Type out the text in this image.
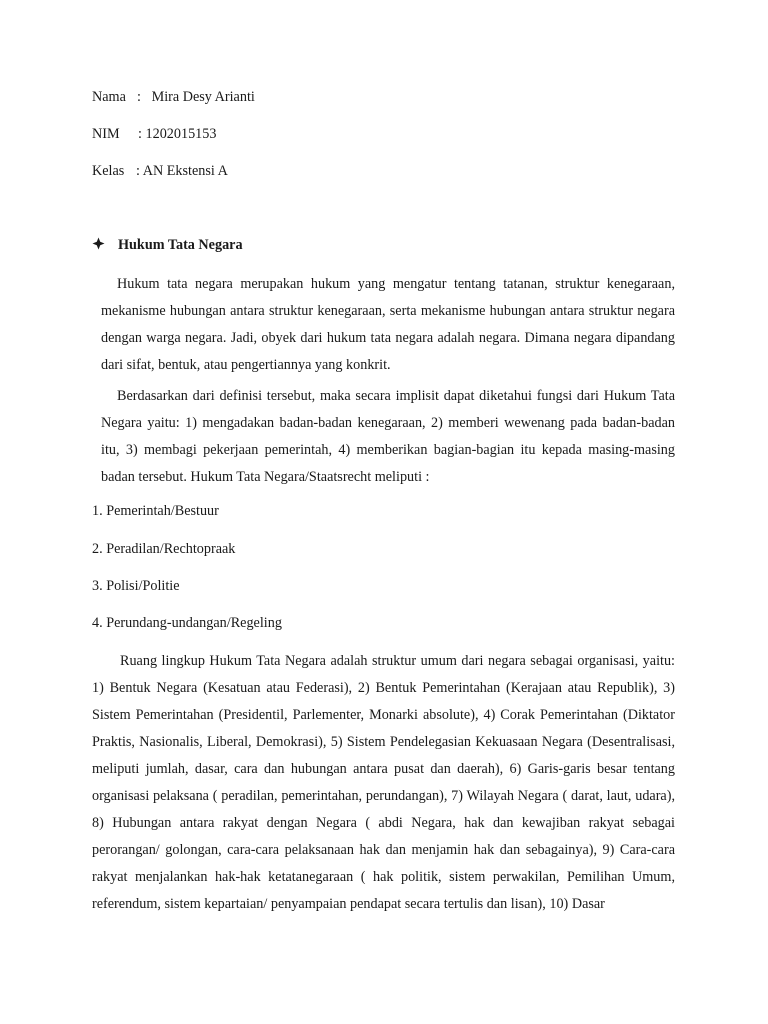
Nama : Mira Desy Arianti
NIM : 1202015153
Kelas : AN Ekstensi A
Hukum Tata Negara

Hukum tata negara merupakan hukum yang mengatur tentang tatanan, struktur kenegaraan, mekanisme hubungan antara struktur kenegaraan, serta mekanisme hubungan antara struktur negara dengan warga negara. Jadi, obyek dari hukum tata negara adalah negara. Dimana negara dipandang dari sifat, bentuk, atau pengertiannya yang konkrit.

Berdasarkan dari definisi tersebut, maka secara implisit dapat diketahui fungsi dari Hukum Tata Negara yaitu: 1) mengadakan badan-badan kenegaraan, 2) memberi wewenang pada badan-badan itu, 3) membagi pekerjaan pemerintah, 4) memberikan bagian-bagian itu kepada masing-masing badan tersebut. Hukum Tata Negara/Staatsrecht meliputi :

1. Pemerintah/Bestuur
2. Peradilan/Rechtopraak
3. Polisi/Politie
4. Perundang-undangan/Regeling

Ruang lingkup Hukum Tata Negara adalah struktur umum dari negara sebagai organisasi, yaitu: 1) Bentuk Negara (Kesatuan atau Federasi), 2) Bentuk Pemerintahan (Kerajaan atau Republik), 3) Sistem Pemerintahan (Presidentil, Parlementer, Monarki absolute), 4) Corak Pemerintahan (Diktator Praktis, Nasionalis, Liberal, Demokrasi), 5) Sistem Pendelegasian Kekuasaan Negara (Desentralisasi, meliputi jumlah, dasar, cara dan hubungan antara pusat dan daerah), 6) Garis-garis besar tentang organisasi pelaksana ( peradilan, pemerintahan, perundangan), 7) Wilayah Negara ( darat, laut, udara), 8) Hubungan antara rakyat dengan Negara ( abdi Negara, hak dan kewajiban rakyat sebagai perorangan/ golongan, cara-cara pelaksanaan hak dan menjamin hak dan sebagainya), 9) Cara-cara rakyat menjalankan hak-hak ketatanegaraan ( hak politik, sistem perwakilan, Pemilihan Umum, referendum, sistem kepartaian/ penyampaian pendapat secara tertulis dan lisan), 10) Dasar
